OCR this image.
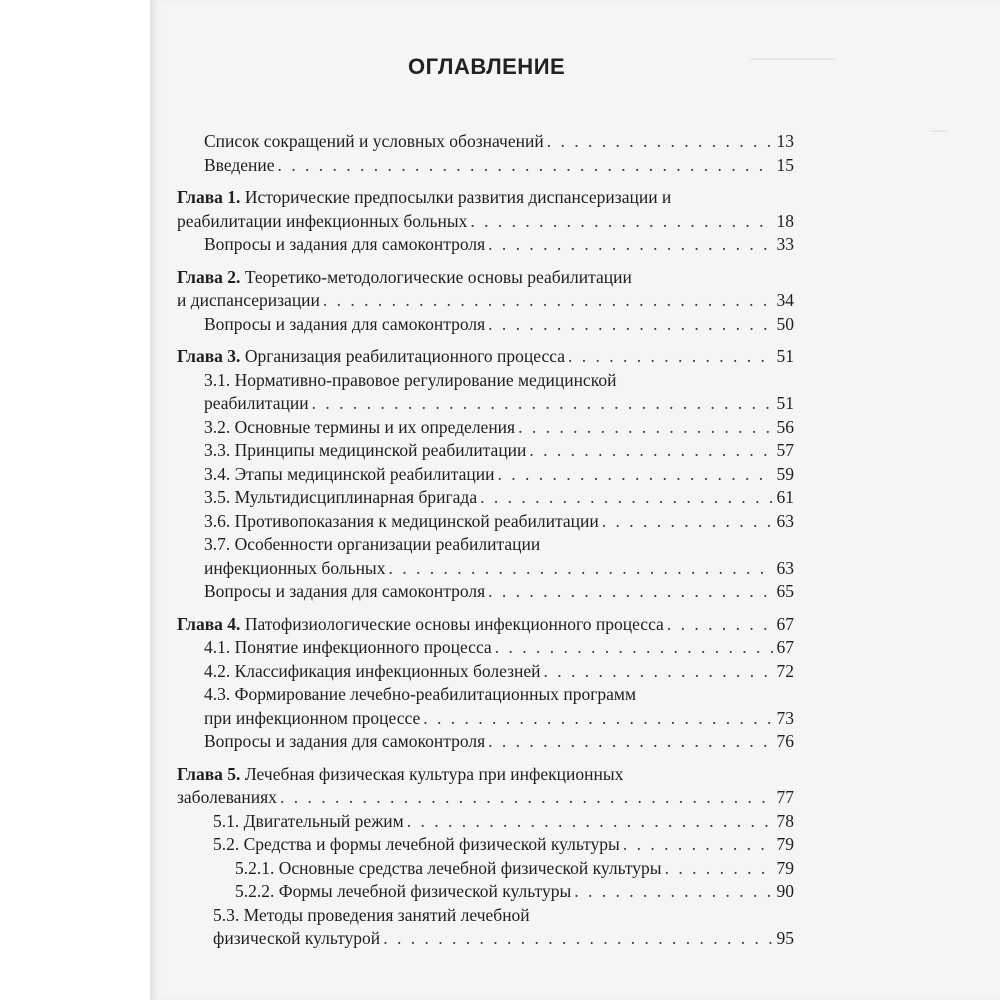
—————
—
ОГЛАВЛЕНИЕ
Список сокращений и условных обозначений . . .	13
Введение . . .	15
Глава 1.
Исторические предпосылки развития диспансеризации и
реабилитации инфекционных больных . . .	18
Вопросы и задания для самоконтроля . . .	33
Глава 2.
Теоретико-методологические основы реабилитации
и диспансеризации . . .	34
Вопросы и задания для самоконтроля . . .	50
Глава 3.
Организация реабилитационного процесса . . .	51
3.1. Нормативно-правовое регулирование медицинской
реабилитации . . .	51
3.2. Основные термины и их определения . . .	56
3.3. Принципы медицинской реабилитации . . .	57
3.4. Этапы медицинской реабилитации . . .	59
3.5. Мультидисциплинарная бригада . . .	61
3.6. Противопоказания к медицинской реабилитации . . .	63
3.7. Особенности организации реабилитации
инфекционных больных . . .	63
Вопросы и задания для самоконтроля . . .	65
Глава 4.
Патофизиологические основы инфекционного процесса . . .	67
4.1. Понятие инфекционного процесса . . .	67
4.2. Классификация инфекционных болезней . . .	72
4.3. Формирование лечебно-реабилитационных программ
при инфекционном процессе . . .	73
Вопросы и задания для самоконтроля . . .	76
Глава 5.
Лечебная физическая культура при инфекционных
заболеваниях . . .	77
5.1. Двигательный режим . . .	78
5.2. Средства и формы лечебной физической культуры . . .	79
5.2.1. Основные средства лечебной физической культуры . . .	79
5.2.2. Формы лечебной физической культуры . . .	90
5.3. Методы проведения занятий лечебной
физической культурой . . .	95
